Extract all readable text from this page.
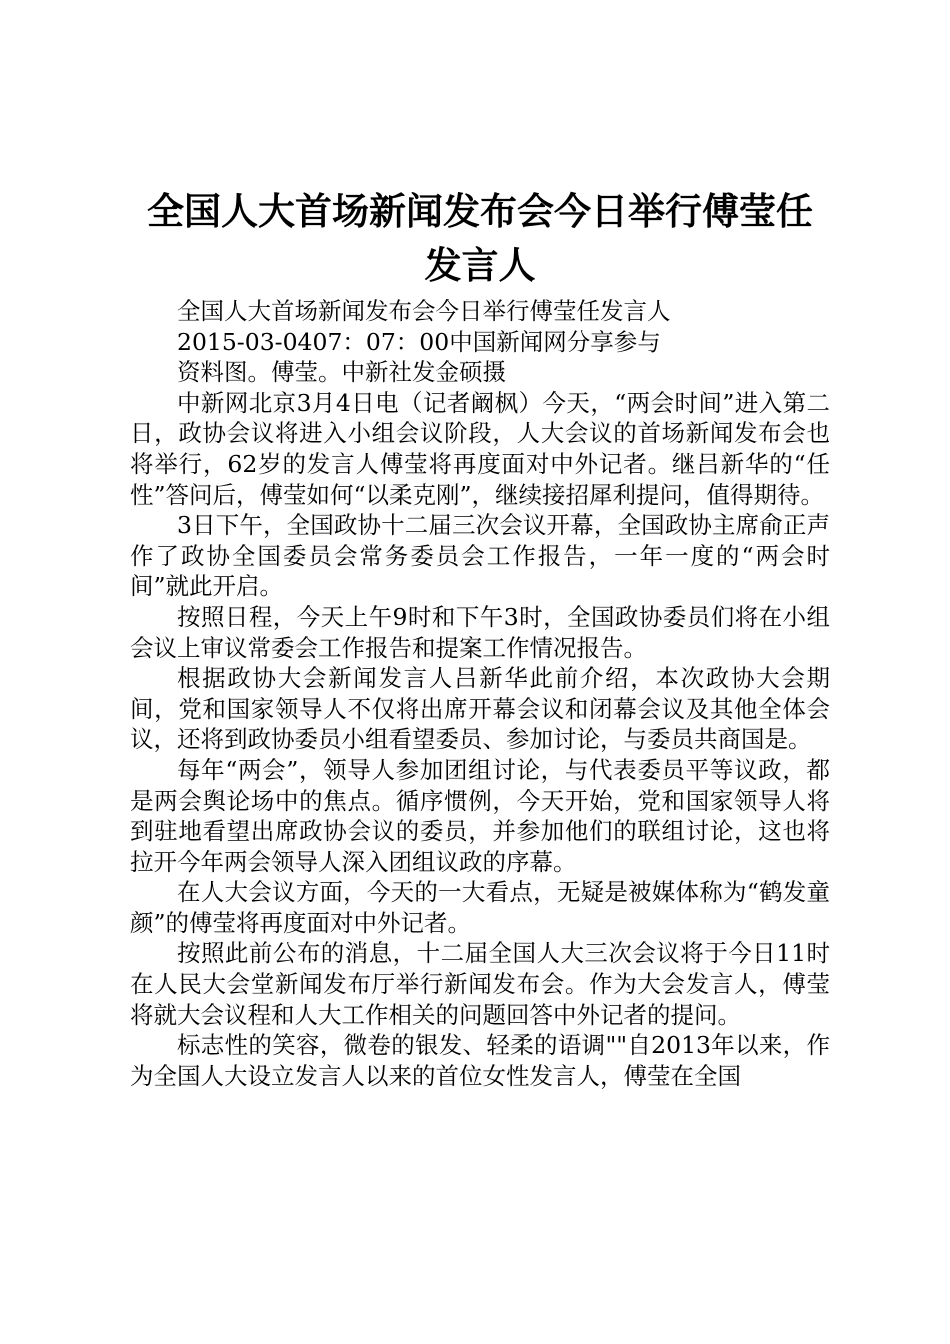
全国人大首场新闻发布会今日举行傅莹任发言人

全国人大首场新闻发布会今日举行傅莹任发言人

2015-03-0407：07：00中国新闻网分享参与

资料图。傅莹。中新社发金硕摄

中新网北京3月4日电（记者阚枫）今天，“两会时间”进入第二日，政协会议将进入小组会议阶段，人大会议的首场新闻发布会也将举行，62岁的发言人傅莹将再度面对中外记者。继吕新华的“任性”答问后，傅莹如何“以柔克刚”，继续接招犀利提问，值得期待。

3日下午，全国政协十二届三次会议开幕，全国政协主席俞正声作了政协全国委员会常务委员会工作报告，一年一度的“两会时间”就此开启。

按照日程，今天上午9时和下午3时，全国政协委员们将在小组会议上审议常委会工作报告和提案工作情况报告。

根据政协大会新闻发言人吕新华此前介绍，本次政协大会期间，党和国家领导人不仅将出席开幕会议和闭幕会议及其他全体会议，还将到政协委员小组看望委员、参加讨论，与委员共商国是。

每年“两会”，领导人参加团组讨论，与代表委员平等议政，都是两会舆论场中的焦点。循序惯例，今天开始，党和国家领导人将到驻地看望出席政协会议的委员，并参加他们的联组讨论，这也将拉开今年两会领导人深入团组议政的序幕。

在人大会议方面，今天的一大看点，无疑是被媒体称为“鹤发童颜”的傅莹将再度面对中外记者。

按照此前公布的消息，十二届全国人大三次会议将于今日11时在人民大会堂新闻发布厅举行新闻发布会。作为大会发言人，傅莹将就大会议程和人大工作相关的问题回答中外记者的提问。

标志性的笑容，微卷的银发、轻柔的语调""自2013年以来，作为全国人大设立发言人以来的首位女性发言人，傅莹在全国
